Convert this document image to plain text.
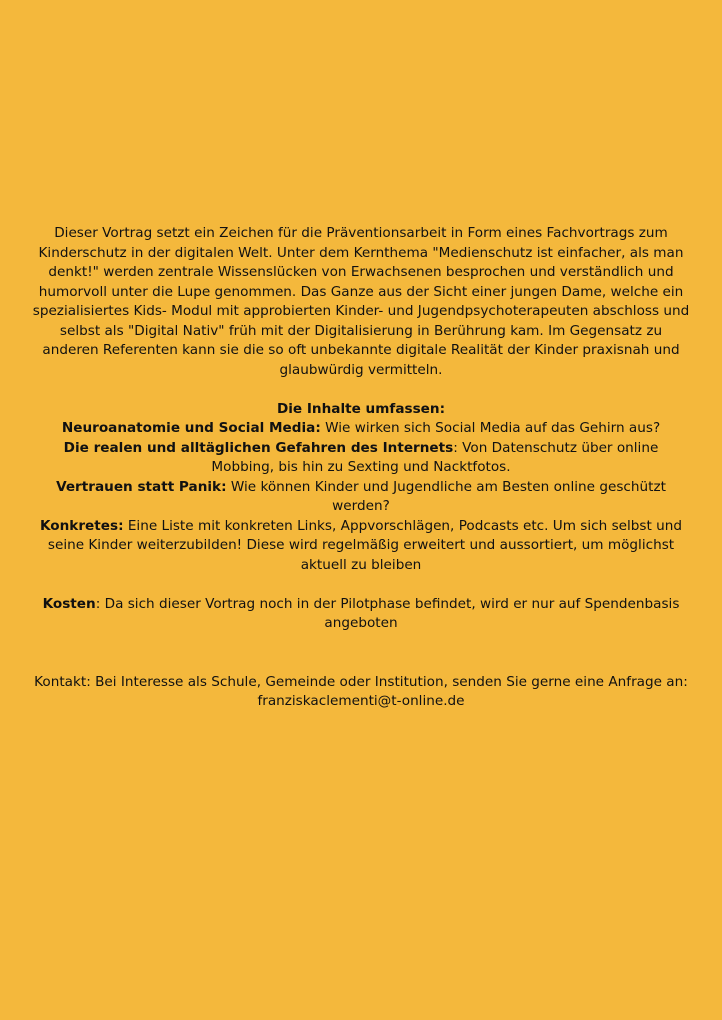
Dieser Vortrag setzt ein Zeichen für die Präventionsarbeit in Form eines Fachvortrags zum Kinderschutz in der digitalen Welt. Unter dem Kernthema "Medienschutz ist einfacher, als man denkt!" werden zentrale Wissenslücken von Erwachsenen besprochen und verständlich und humorvoll unter die Lupe genommen. Das Ganze aus der Sicht einer jungen Dame, welche ein spezialisiertes Kids- Modul mit approbierten Kinder- und Jugendpsychoterapeuten abschloss und selbst als "Digital Nativ" früh mit der Digitalisierung in Berührung kam. Im Gegensatz zu anderen Referenten kann sie die so oft unbekannte digitale Realität der Kinder praxisnah und glaubwürdig vermitteln.

Die Inhalte umfassen:

Neuroanatomie und Social Media: Wie wirken sich Social Media auf das Gehirn aus?

Die realen und alltäglichen Gefahren des Internets: Von Datenschutz über online Mobbing, bis hin zu Sexting und Nacktfotos.

Vertrauen statt Panik: Wie können Kinder und Jugendliche am Besten online geschützt werden?

Konkretes: Eine Liste mit konkreten Links, Appvorschlägen, Podcasts etc. Um sich selbst und seine Kinder weiterzubilden! Diese wird regelmäßig erweitert und aussortiert, um möglichst aktuell zu bleiben

Kosten: Da sich dieser Vortrag noch in der Pilotphase befindet, wird er nur auf Spendenbasis angeboten

Kontakt: Bei Interesse als Schule, Gemeinde oder Institution, senden Sie gerne eine Anfrage an:

franziskaclementi@t-online.de
